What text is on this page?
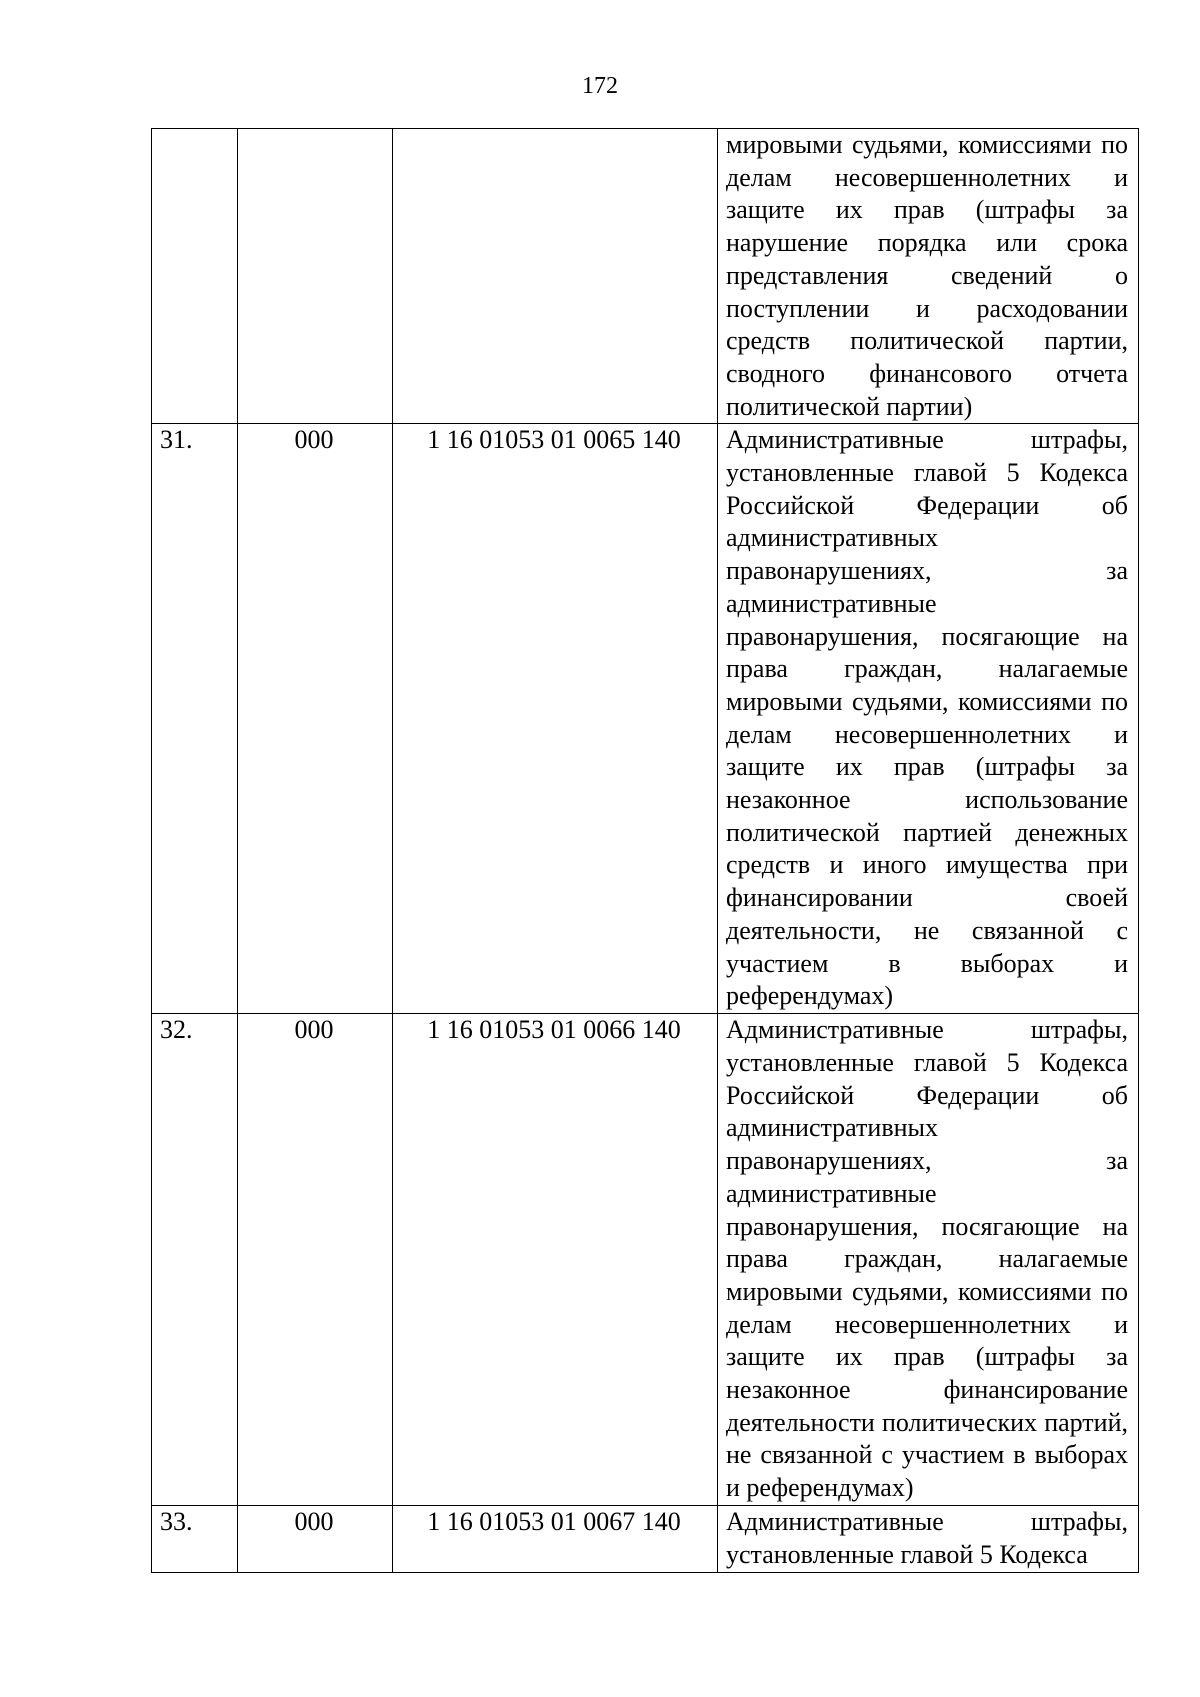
172
			мировыми судьями, комиссиями по делам несовершеннолетних и защите их прав (штрафы за нарушение порядка или срока представления сведений о поступлении и расходовании средств политической партии, сводного финансового отчета политической партии)
31.	000	1 16 01053 01 0065 140	Административные штрафы, установленные главой 5 Кодекса Российской Федерации об административных правонарушениях, за административные правонарушения, посягающие на права граждан, налагаемые мировыми судьями, комиссиями по делам несовершеннолетних и защите их прав (штрафы за незаконное использование политической партией денежных средств и иного имущества при финансировании своей деятельности, не связанной с участием в выборах и референдумах)
32.	000	1 16 01053 01 0066 140	Административные штрафы, установленные главой 5 Кодекса Российской Федерации об административных правонарушениях, за административные правонарушения, посягающие на права граждан, налагаемые мировыми судьями, комиссиями по делам несовершеннолетних и защите их прав (штрафы за незаконное финансирование деятельности политических партий, не связанной с участием в выборах и референдумах)
33.	000	1 16 01053 01 0067 140	Административные штрафы, установленные главой 5 Кодекса
